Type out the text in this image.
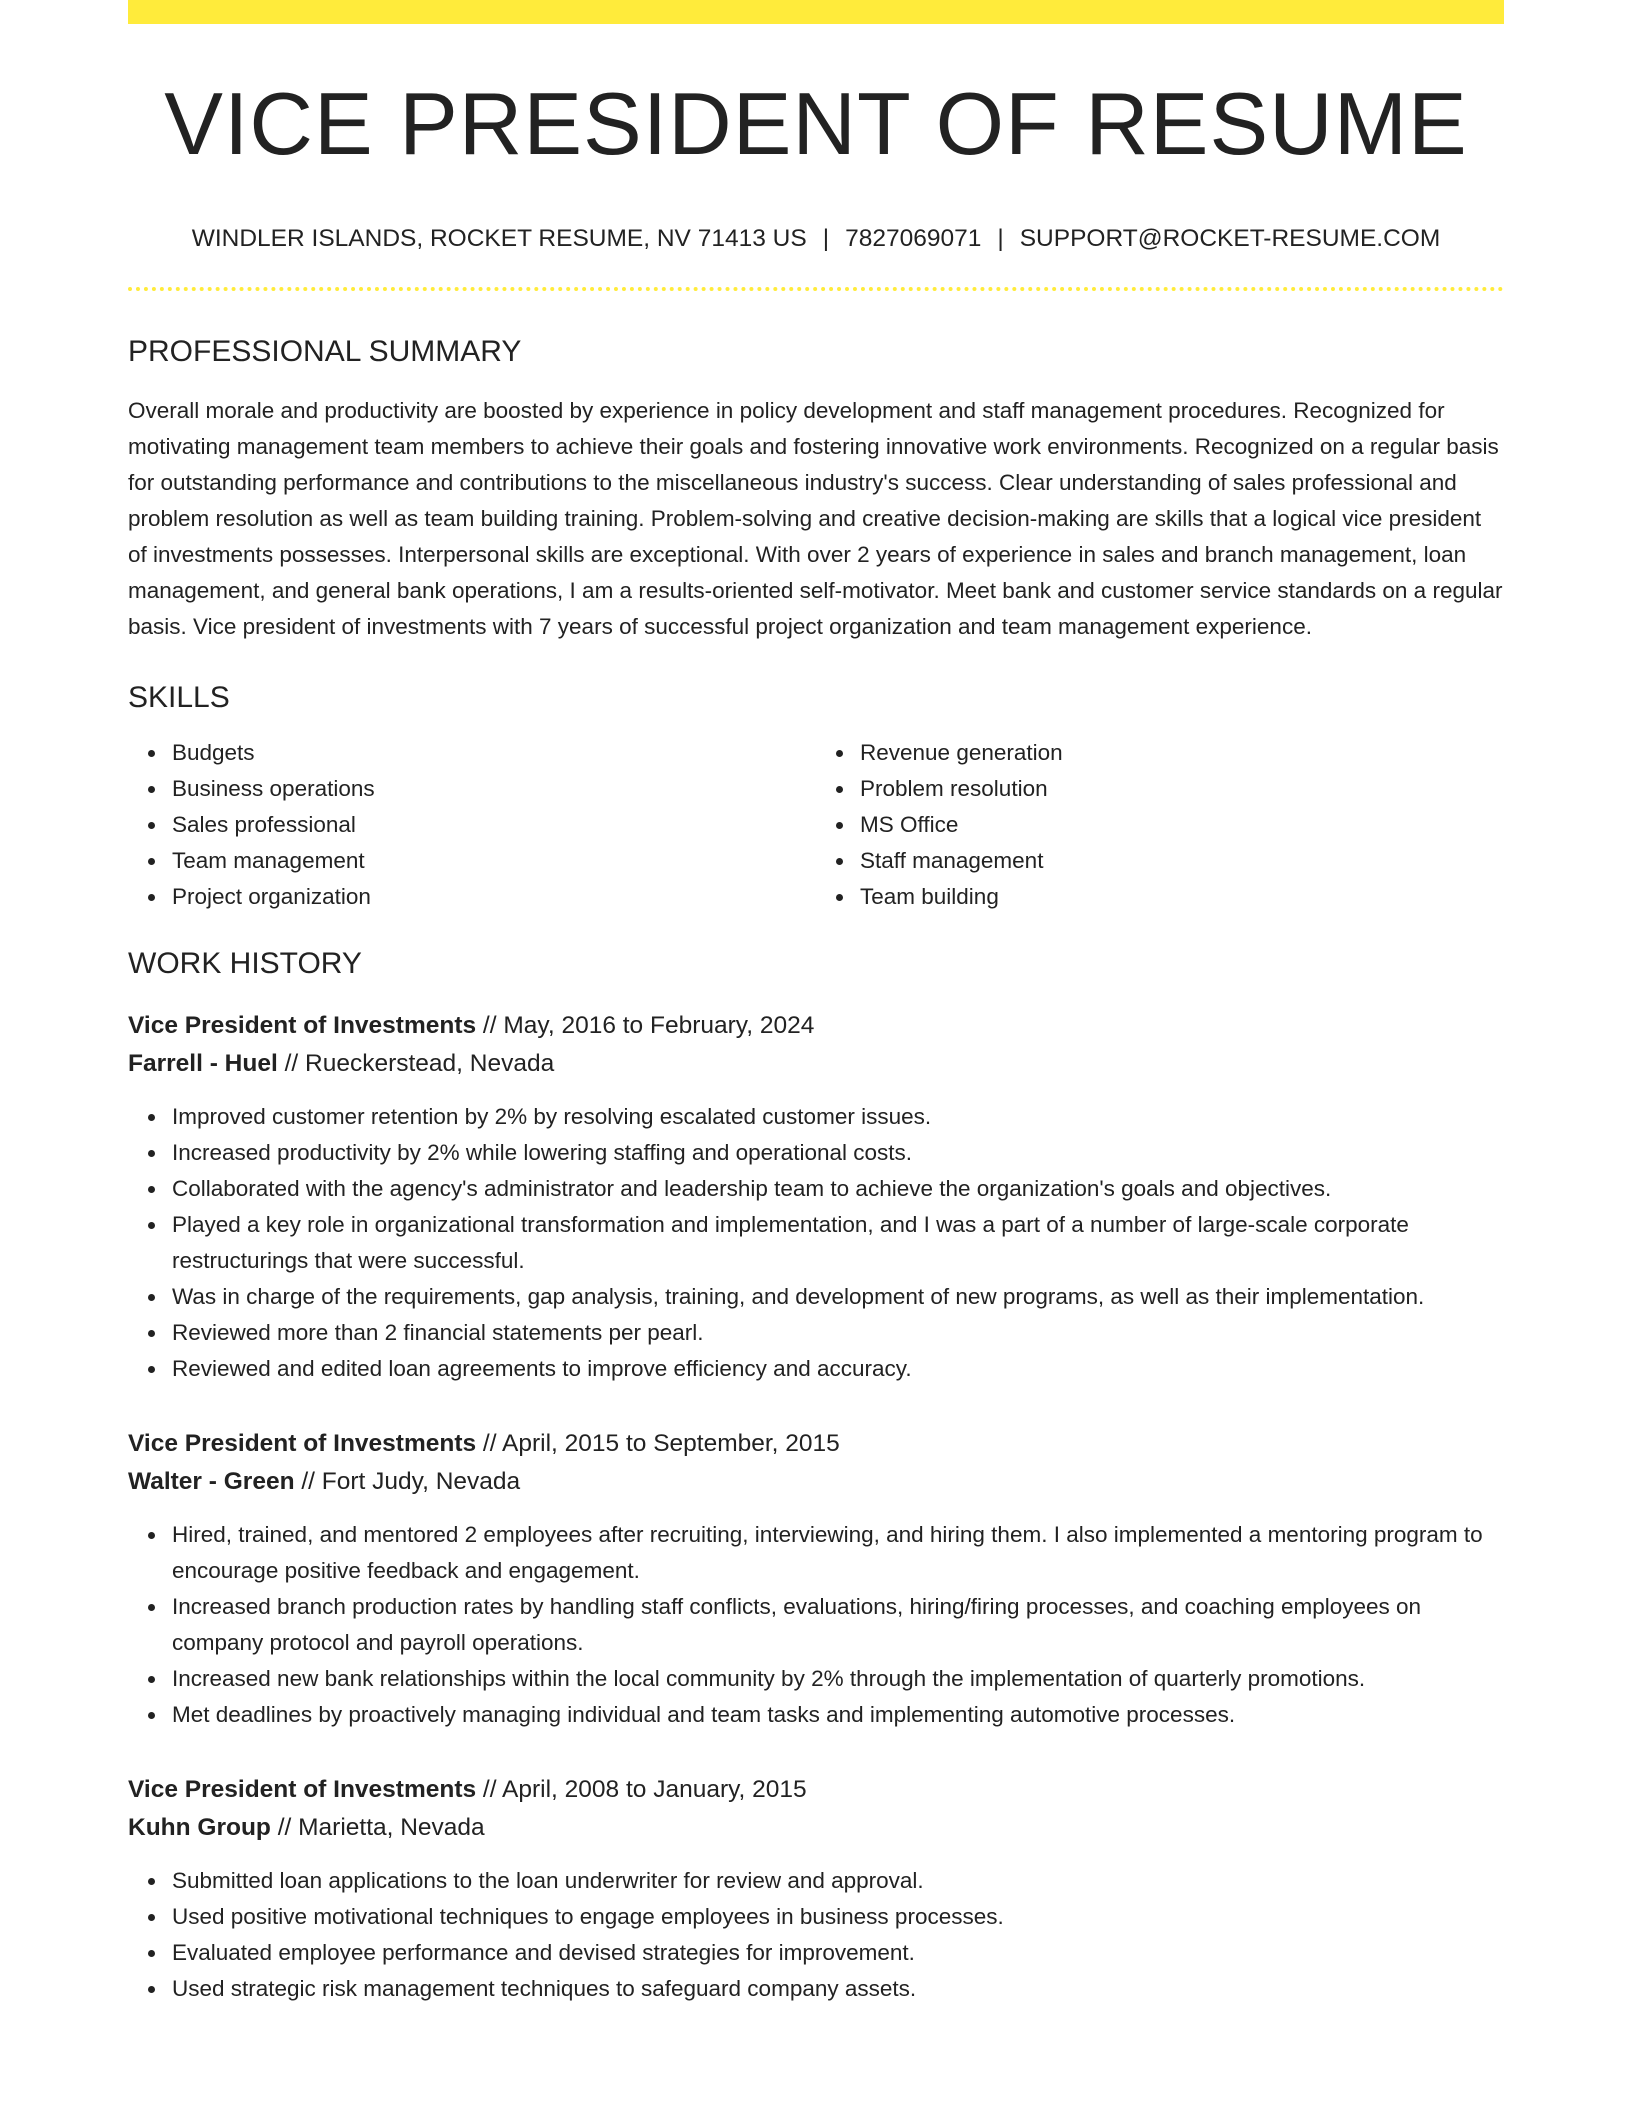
VICE PRESIDENT OF RESUME
WINDLER ISLANDS, ROCKET RESUME, NV 71413 US | 7827069071 | SUPPORT@ROCKET-RESUME.COM
PROFESSIONAL SUMMARY

Overall morale and productivity are boosted by experience in policy development and staff management procedures. Recognized for motivating management team members to achieve their goals and fostering innovative work environments. Recognized on a regular basis for outstanding performance and contributions to the miscellaneous industry's success. Clear understanding of sales professional and problem resolution as well as team building training. Problem-solving and creative decision-making are skills that a logical vice president of investments possesses. Interpersonal skills are exceptional. With over 2 years of experience in sales and branch management, loan management, and general bank operations, I am a results-oriented self-motivator. Meet bank and customer service standards on a regular basis. Vice president of investments with 7 years of successful project organization and team management experience.

SKILLS
Budgets
Business operations
Sales professional
Team management
Project organization
Revenue generation
Problem resolution
MS Office
Staff management
Team building
WORK HISTORY
Vice President of Investments // May, 2016 to February, 2024
Farrell - Huel // Rueckerstead, Nevada
Improved customer retention by 2% by resolving escalated customer issues.
Increased productivity by 2% while lowering staffing and operational costs.
Collaborated with the agency's administrator and leadership team to achieve the organization's goals and objectives.
Played a key role in organizational transformation and implementation, and I was a part of a number of large-scale corporate restructurings that were successful.
Was in charge of the requirements, gap analysis, training, and development of new programs, as well as their implementation.
Reviewed more than 2 financial statements per pearl.
Reviewed and edited loan agreements to improve efficiency and accuracy.
Vice President of Investments // April, 2015 to September, 2015
Walter - Green // Fort Judy, Nevada
Hired, trained, and mentored 2 employees after recruiting, interviewing, and hiring them. I also implemented a mentoring program to encourage positive feedback and engagement.
Increased branch production rates by handling staff conflicts, evaluations, hiring/firing processes, and coaching employees on company protocol and payroll operations.
Increased new bank relationships within the local community by 2% through the implementation of quarterly promotions.
Met deadlines by proactively managing individual and team tasks and implementing automotive processes.
Vice President of Investments // April, 2008 to January, 2015
Kuhn Group // Marietta, Nevada
Submitted loan applications to the loan underwriter for review and approval.
Used positive motivational techniques to engage employees in business processes.
Evaluated employee performance and devised strategies for improvement.
Used strategic risk management techniques to safeguard company assets.
